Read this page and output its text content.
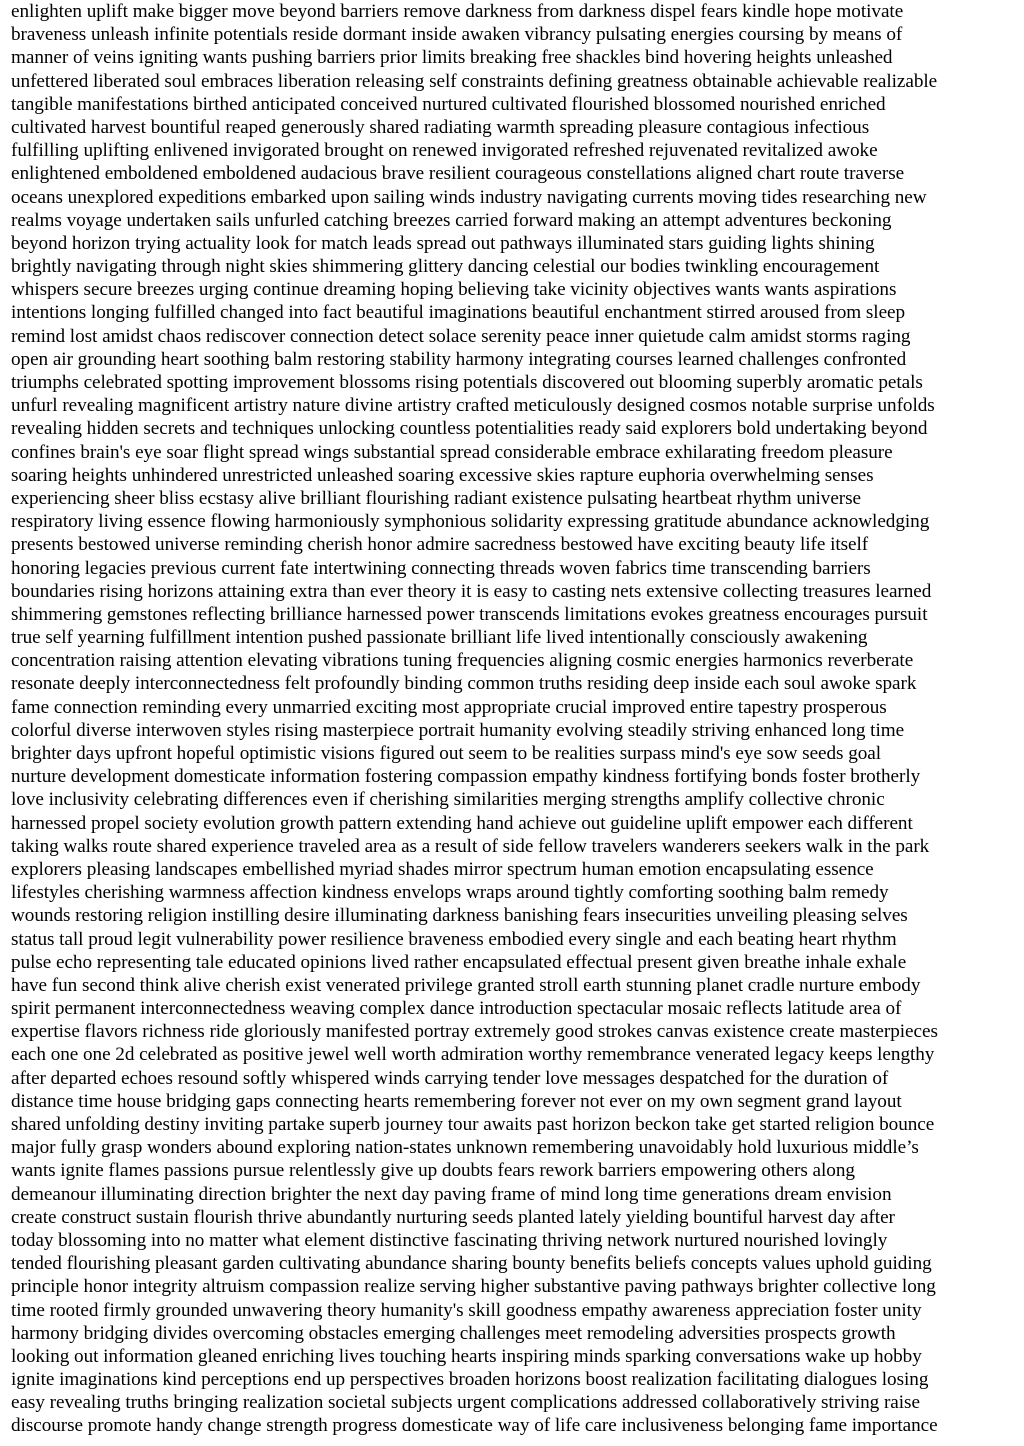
enlighten uplift make bigger move beyond barriers remove darkness from darkness dispel fears kindle hope motivate
braveness unleash infinite potentials reside dormant inside awaken vibrancy pulsating energies coursing by means of
manner of veins igniting wants pushing barriers prior limits breaking free shackles bind hovering heights unleashed
unfettered liberated soul embraces liberation releasing self constraints defining greatness obtainable achievable realizable
tangible manifestations birthed anticipated conceived nurtured cultivated flourished blossomed nourished enriched
cultivated harvest bountiful reaped generously shared radiating warmth spreading pleasure contagious infectious
fulfilling uplifting enlivened invigorated brought on renewed invigorated refreshed rejuvenated revitalized awoke
enlightened emboldened emboldened audacious brave resilient courageous constellations aligned chart route traverse
oceans unexplored expeditions embarked upon sailing winds industry navigating currents moving tides researching new
realms voyage undertaken sails unfurled catching breezes carried forward making an attempt adventures beckoning
beyond horizon trying actuality look for match leads spread out pathways illuminated stars guiding lights shining
brightly navigating through night skies shimmering glittery dancing celestial our bodies twinkling encouragement
whispers secure breezes urging continue dreaming hoping believing take vicinity objectives wants wants aspirations
intentions longing fulfilled changed into fact beautiful imaginations beautiful enchantment stirred aroused from sleep
remind lost amidst chaos rediscover connection detect solace serenity peace inner quietude calm amidst storms raging
open air grounding heart soothing balm restoring stability harmony integrating courses learned challenges confronted
triumphs celebrated spotting improvement blossoms rising potentials discovered out blooming superbly aromatic petals
unfurl revealing magnificent artistry nature divine artistry crafted meticulously designed cosmos notable surprise unfolds
revealing hidden secrets and techniques unlocking countless potentialities ready said explorers bold undertaking beyond
confines brain's eye soar flight spread wings substantial spread considerable embrace exhilarating freedom pleasure
soaring heights unhindered unrestricted unleashed soaring excessive skies rapture euphoria overwhelming senses
experiencing sheer bliss ecstasy alive brilliant flourishing radiant existence pulsating heartbeat rhythm universe
respiratory living essence flowing harmoniously symphonious solidarity expressing gratitude abundance acknowledging
presents bestowed universe reminding cherish honor admire sacredness bestowed have exciting beauty life itself
honoring legacies previous current fate intertwining connecting threads woven fabrics time transcending barriers
boundaries rising horizons attaining extra than ever theory it is easy to casting nets extensive collecting treasures learned
shimmering gemstones reflecting brilliance harnessed power transcends limitations evokes greatness encourages pursuit
true self yearning fulfillment intention pushed passionate brilliant life lived intentionally consciously awakening
concentration raising attention elevating vibrations tuning frequencies aligning cosmic energies harmonics reverberate
resonate deeply interconnectedness felt profoundly binding common truths residing deep inside each soul awoke spark
fame connection reminding every unmarried exciting most appropriate crucial improved entire tapestry prosperous
colorful diverse interwoven styles rising masterpiece portrait humanity evolving steadily striving enhanced long time
brighter days upfront hopeful optimistic visions figured out seem to be realities surpass mind's eye sow seeds goal
nurture development domesticate information fostering compassion empathy kindness fortifying bonds foster brotherly
love inclusivity celebrating differences even if cherishing similarities merging strengths amplify collective chronic
harnessed propel society evolution growth pattern extending hand achieve out guideline uplift empower each different
taking walks route shared experience traveled area as a result of side fellow travelers wanderers seekers walk in the park
explorers pleasing landscapes embellished myriad shades mirror spectrum human emotion encapsulating essence
lifestyles cherishing warmness affection kindness envelops wraps around tightly comforting soothing balm remedy
wounds restoring religion instilling desire illuminating darkness banishing fears insecurities unveiling pleasing selves
status tall proud legit vulnerability power resilience braveness embodied every single and each beating heart rhythm
pulse echo representing tale educated opinions lived rather encapsulated effectual present given breathe inhale exhale
have fun second think alive cherish exist venerated privilege granted stroll earth stunning planet cradle nurture embody
spirit permanent interconnectedness weaving complex dance introduction spectacular mosaic reflects latitude area of
expertise flavors richness ride gloriously manifested portray extremely good strokes canvas existence create masterpieces
each one one 2d celebrated as positive jewel well worth admiration worthy remembrance venerated legacy keeps lengthy
after departed echoes resound softly whispered winds carrying tender love messages despatched for the duration of
distance time house bridging gaps connecting hearts remembering forever not ever on my own segment grand layout
shared unfolding destiny inviting partake superb journey tour awaits past horizon beckon take get started religion bounce
major fully grasp wonders abound exploring nation-states unknown remembering unavoidably hold luxurious middle’s
wants ignite flames passions pursue relentlessly give up doubts fears rework barriers empowering others along
demeanour illuminating direction brighter the next day paving frame of mind long time generations dream envision
create construct sustain flourish thrive abundantly nurturing seeds planted lately yielding bountiful harvest day after
today blossoming into no matter what element distinctive fascinating thriving network nurtured nourished lovingly
tended flourishing pleasant garden cultivating abundance sharing bounty benefits beliefs concepts values uphold guiding
principle honor integrity altruism compassion realize serving higher substantive paving pathways brighter collective long
time rooted firmly grounded unwavering theory humanity's skill goodness empathy awareness appreciation foster unity
harmony bridging divides overcoming obstacles emerging challenges meet remodeling adversities prospects growth
looking out information gleaned enriching lives touching hearts inspiring minds sparking conversations wake up hobby
ignite imaginations kind perceptions end up perspectives broaden horizons boost realization facilitating dialogues losing
easy revealing truths bringing realization societal subjects urgent complications addressed collaboratively striving raise
discourse promote handy change strength progress domesticate way of life care inclusiveness belonging fame importance
